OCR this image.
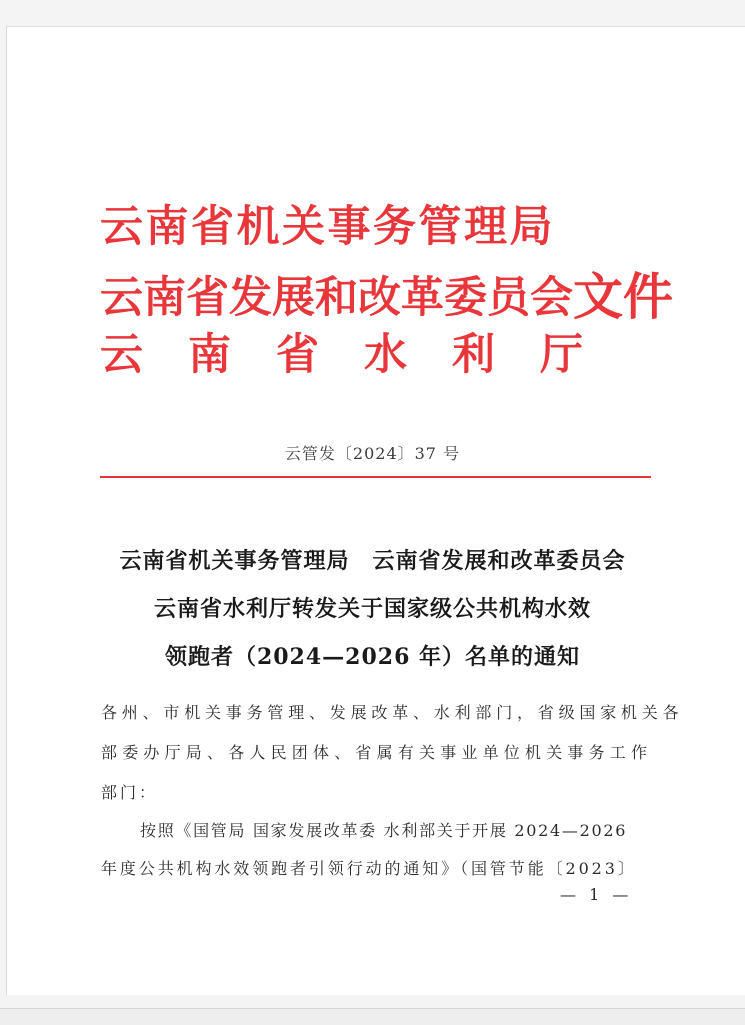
云南省机关事务管理局
云南省发展和改革委员会文件
云 南 省 水 利 厅
云管发〔2024〕37 号
云南省机关事务管理局　云南省发展和改革委员会
云南省水利厅转发关于国家级公共机构水效
领跑者（2024—2026 年）名单的通知
各州、市机关事务管理、发展改革、水利部门，省级国家机关各
部委办厅局、各人民团体、省属有关事业单位机关事务工作
部门：
按照《国管局 国家发展改革委 水利部关于开展 2024—2026
年度公共机构水效领跑者引领行动的通知》（国管节能〔2023〕
— 1 —
